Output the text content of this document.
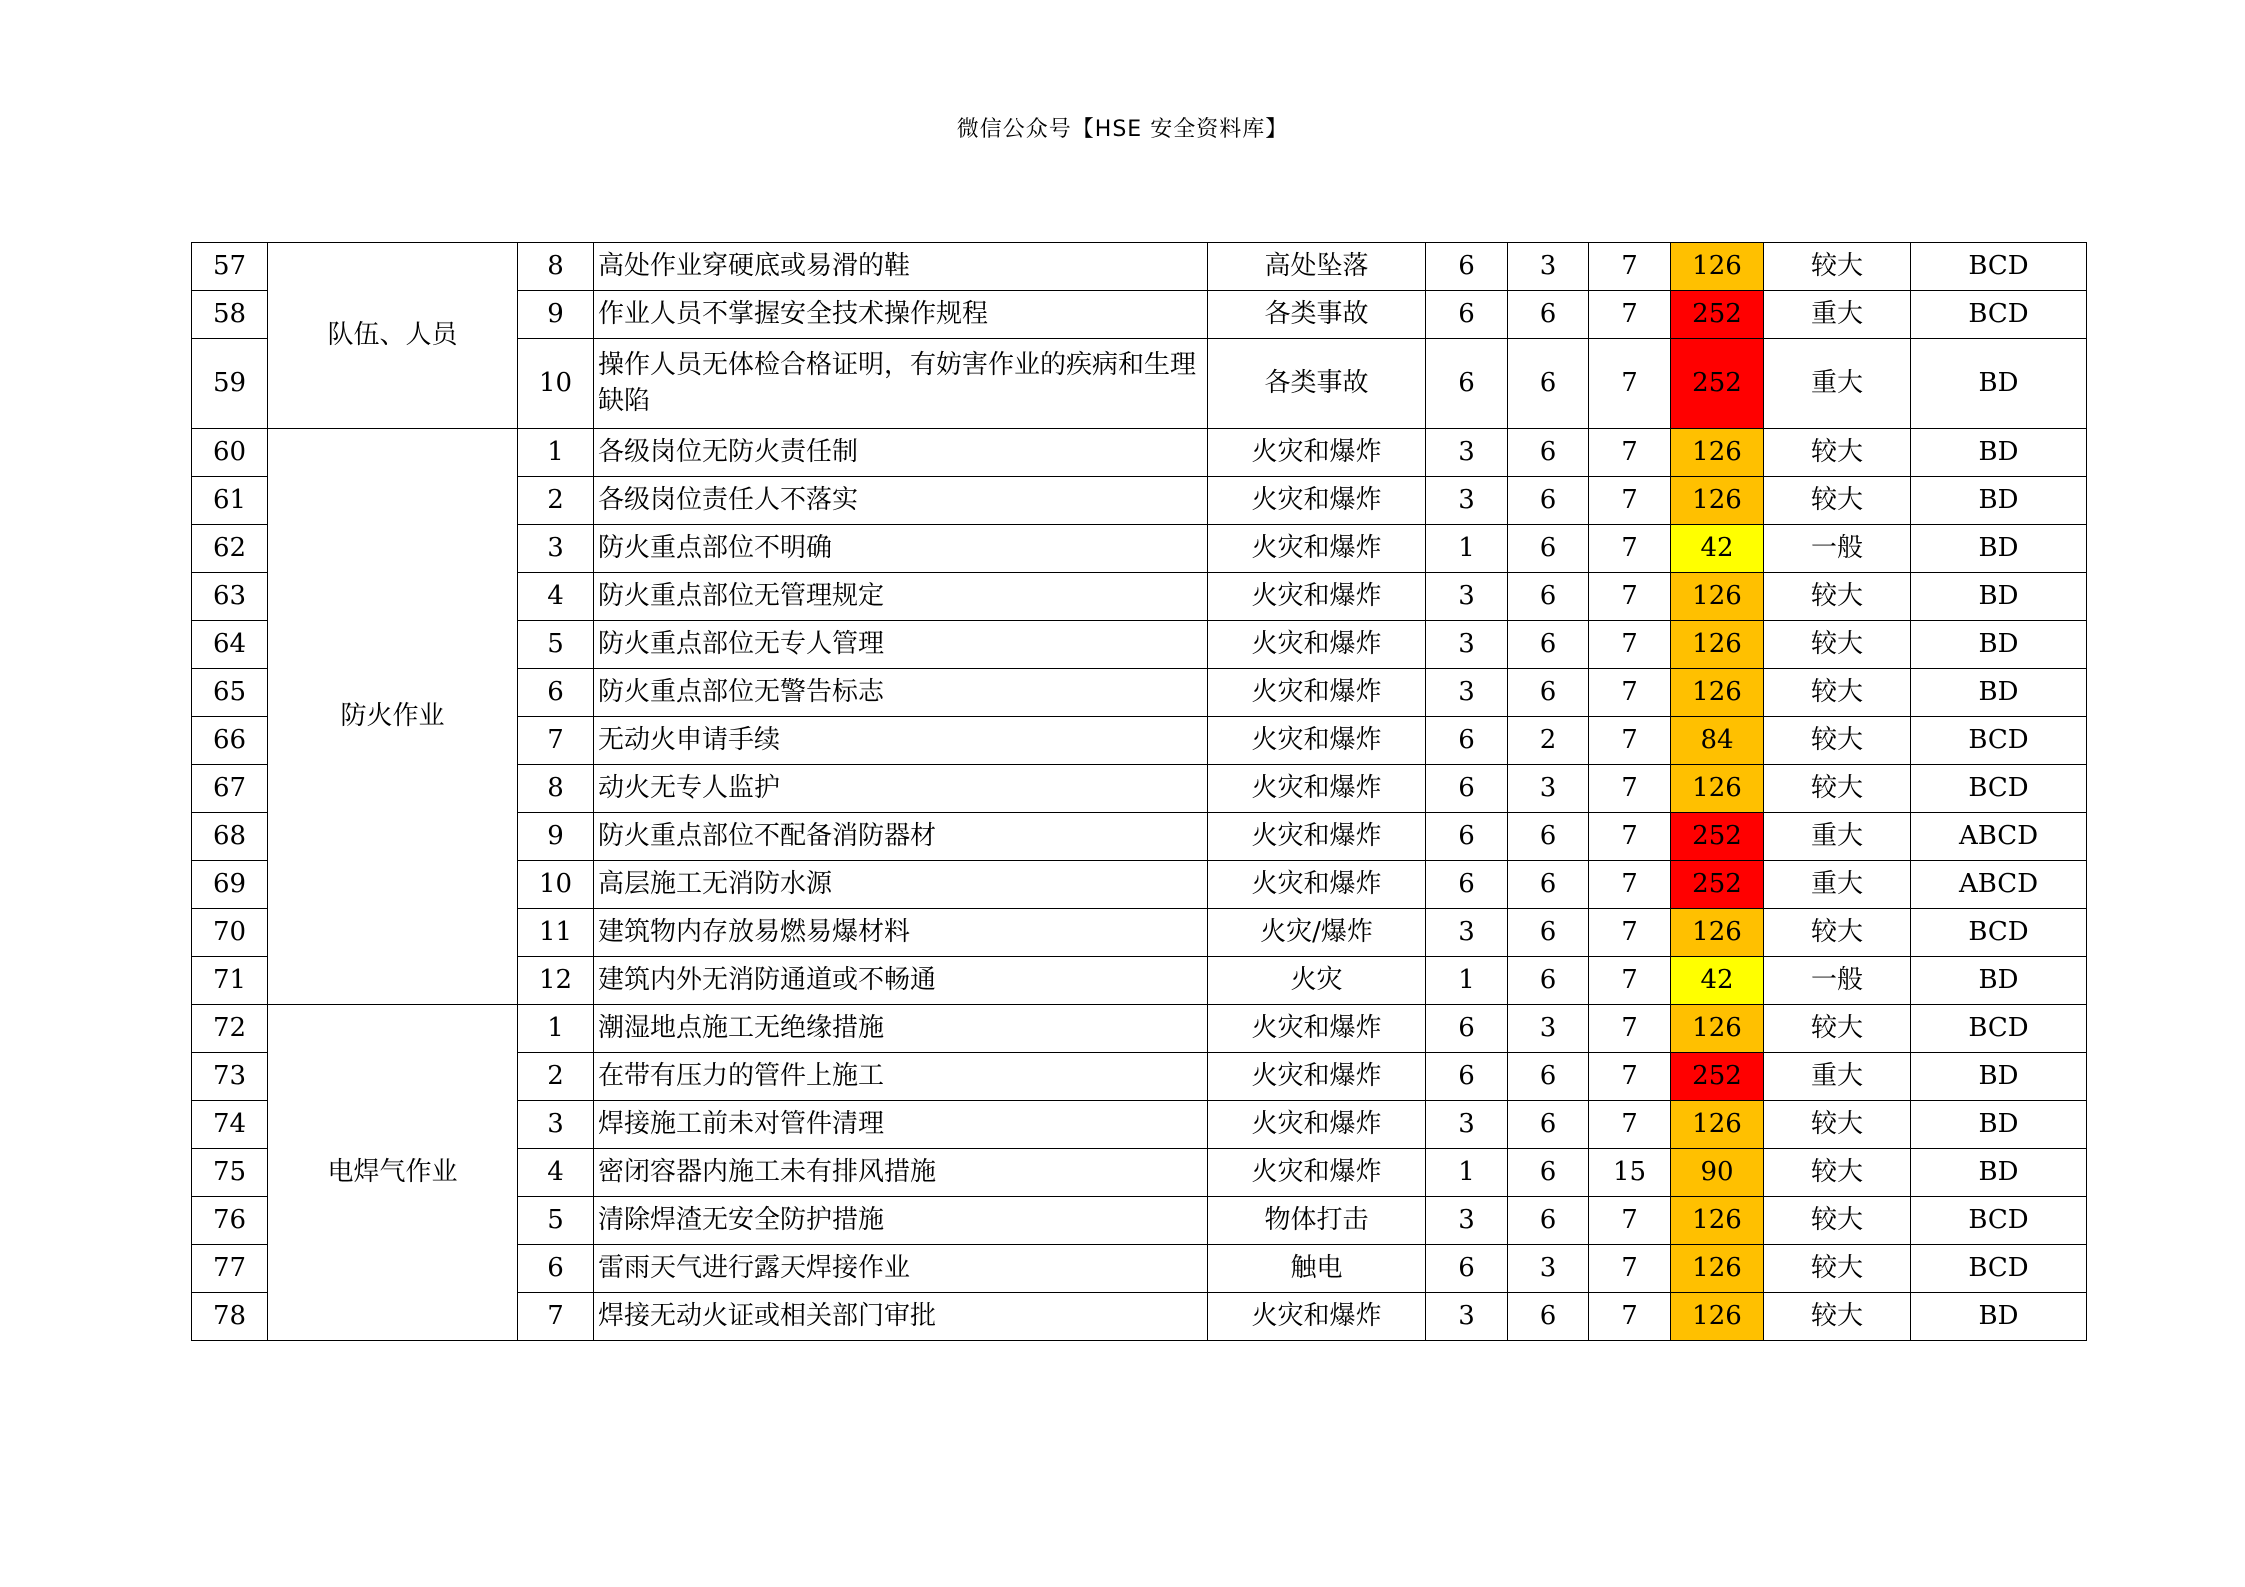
微信公众号【HSE 安全资料库】
57	队伍、人员	8	高处作业穿硬底或易滑的鞋	高处坠落	6	3	7	126	较大	BCD
58		9	作业人员不掌握安全技术操作规程	各类事故	6	6	7	252	重大	BCD
59		10	操作人员无体检合格证明，有妨害作业的疾病和生理缺陷	各类事故	6	6	7	252	重大	BD
60	防火作业	1	各级岗位无防火责任制	火灾和爆炸	3	6	7	126	较大	BD
61		2	各级岗位责任人不落实	火灾和爆炸	3	6	7	126	较大	BD
62		3	防火重点部位不明确	火灾和爆炸	1	6	7	42	一般	BD
63		4	防火重点部位无管理规定	火灾和爆炸	3	6	7	126	较大	BD
64		5	防火重点部位无专人管理	火灾和爆炸	3	6	7	126	较大	BD
65		6	防火重点部位无警告标志	火灾和爆炸	3	6	7	126	较大	BD
66		7	无动火申请手续	火灾和爆炸	6	2	7	84	较大	BCD
67		8	动火无专人监护	火灾和爆炸	6	3	7	126	较大	BCD
68		9	防火重点部位不配备消防器材	火灾和爆炸	6	6	7	252	重大	ABCD
69		10	高层施工无消防水源	火灾和爆炸	6	6	7	252	重大	ABCD
70		11	建筑物内存放易燃易爆材料	火灾/爆炸	3	6	7	126	较大	BCD
71		12	建筑内外无消防通道或不畅通	火灾	1	6	7	42	一般	BD
72	电焊气作业	1	潮湿地点施工无绝缘措施	火灾和爆炸	6	3	7	126	较大	BCD
73		2	在带有压力的管件上施工	火灾和爆炸	6	6	7	252	重大	BD
74		3	焊接施工前未对管件清理	火灾和爆炸	3	6	7	126	较大	BD
75		4	密闭容器内施工未有排风措施	火灾和爆炸	1	6	15	90	较大	BD
76		5	清除焊渣无安全防护措施	物体打击	3	6	7	126	较大	BCD
77		6	雷雨天气进行露天焊接作业	触电	6	3	7	126	较大	BCD
78		7	焊接无动火证或相关部门审批	火灾和爆炸	3	6	7	126	较大	BD
